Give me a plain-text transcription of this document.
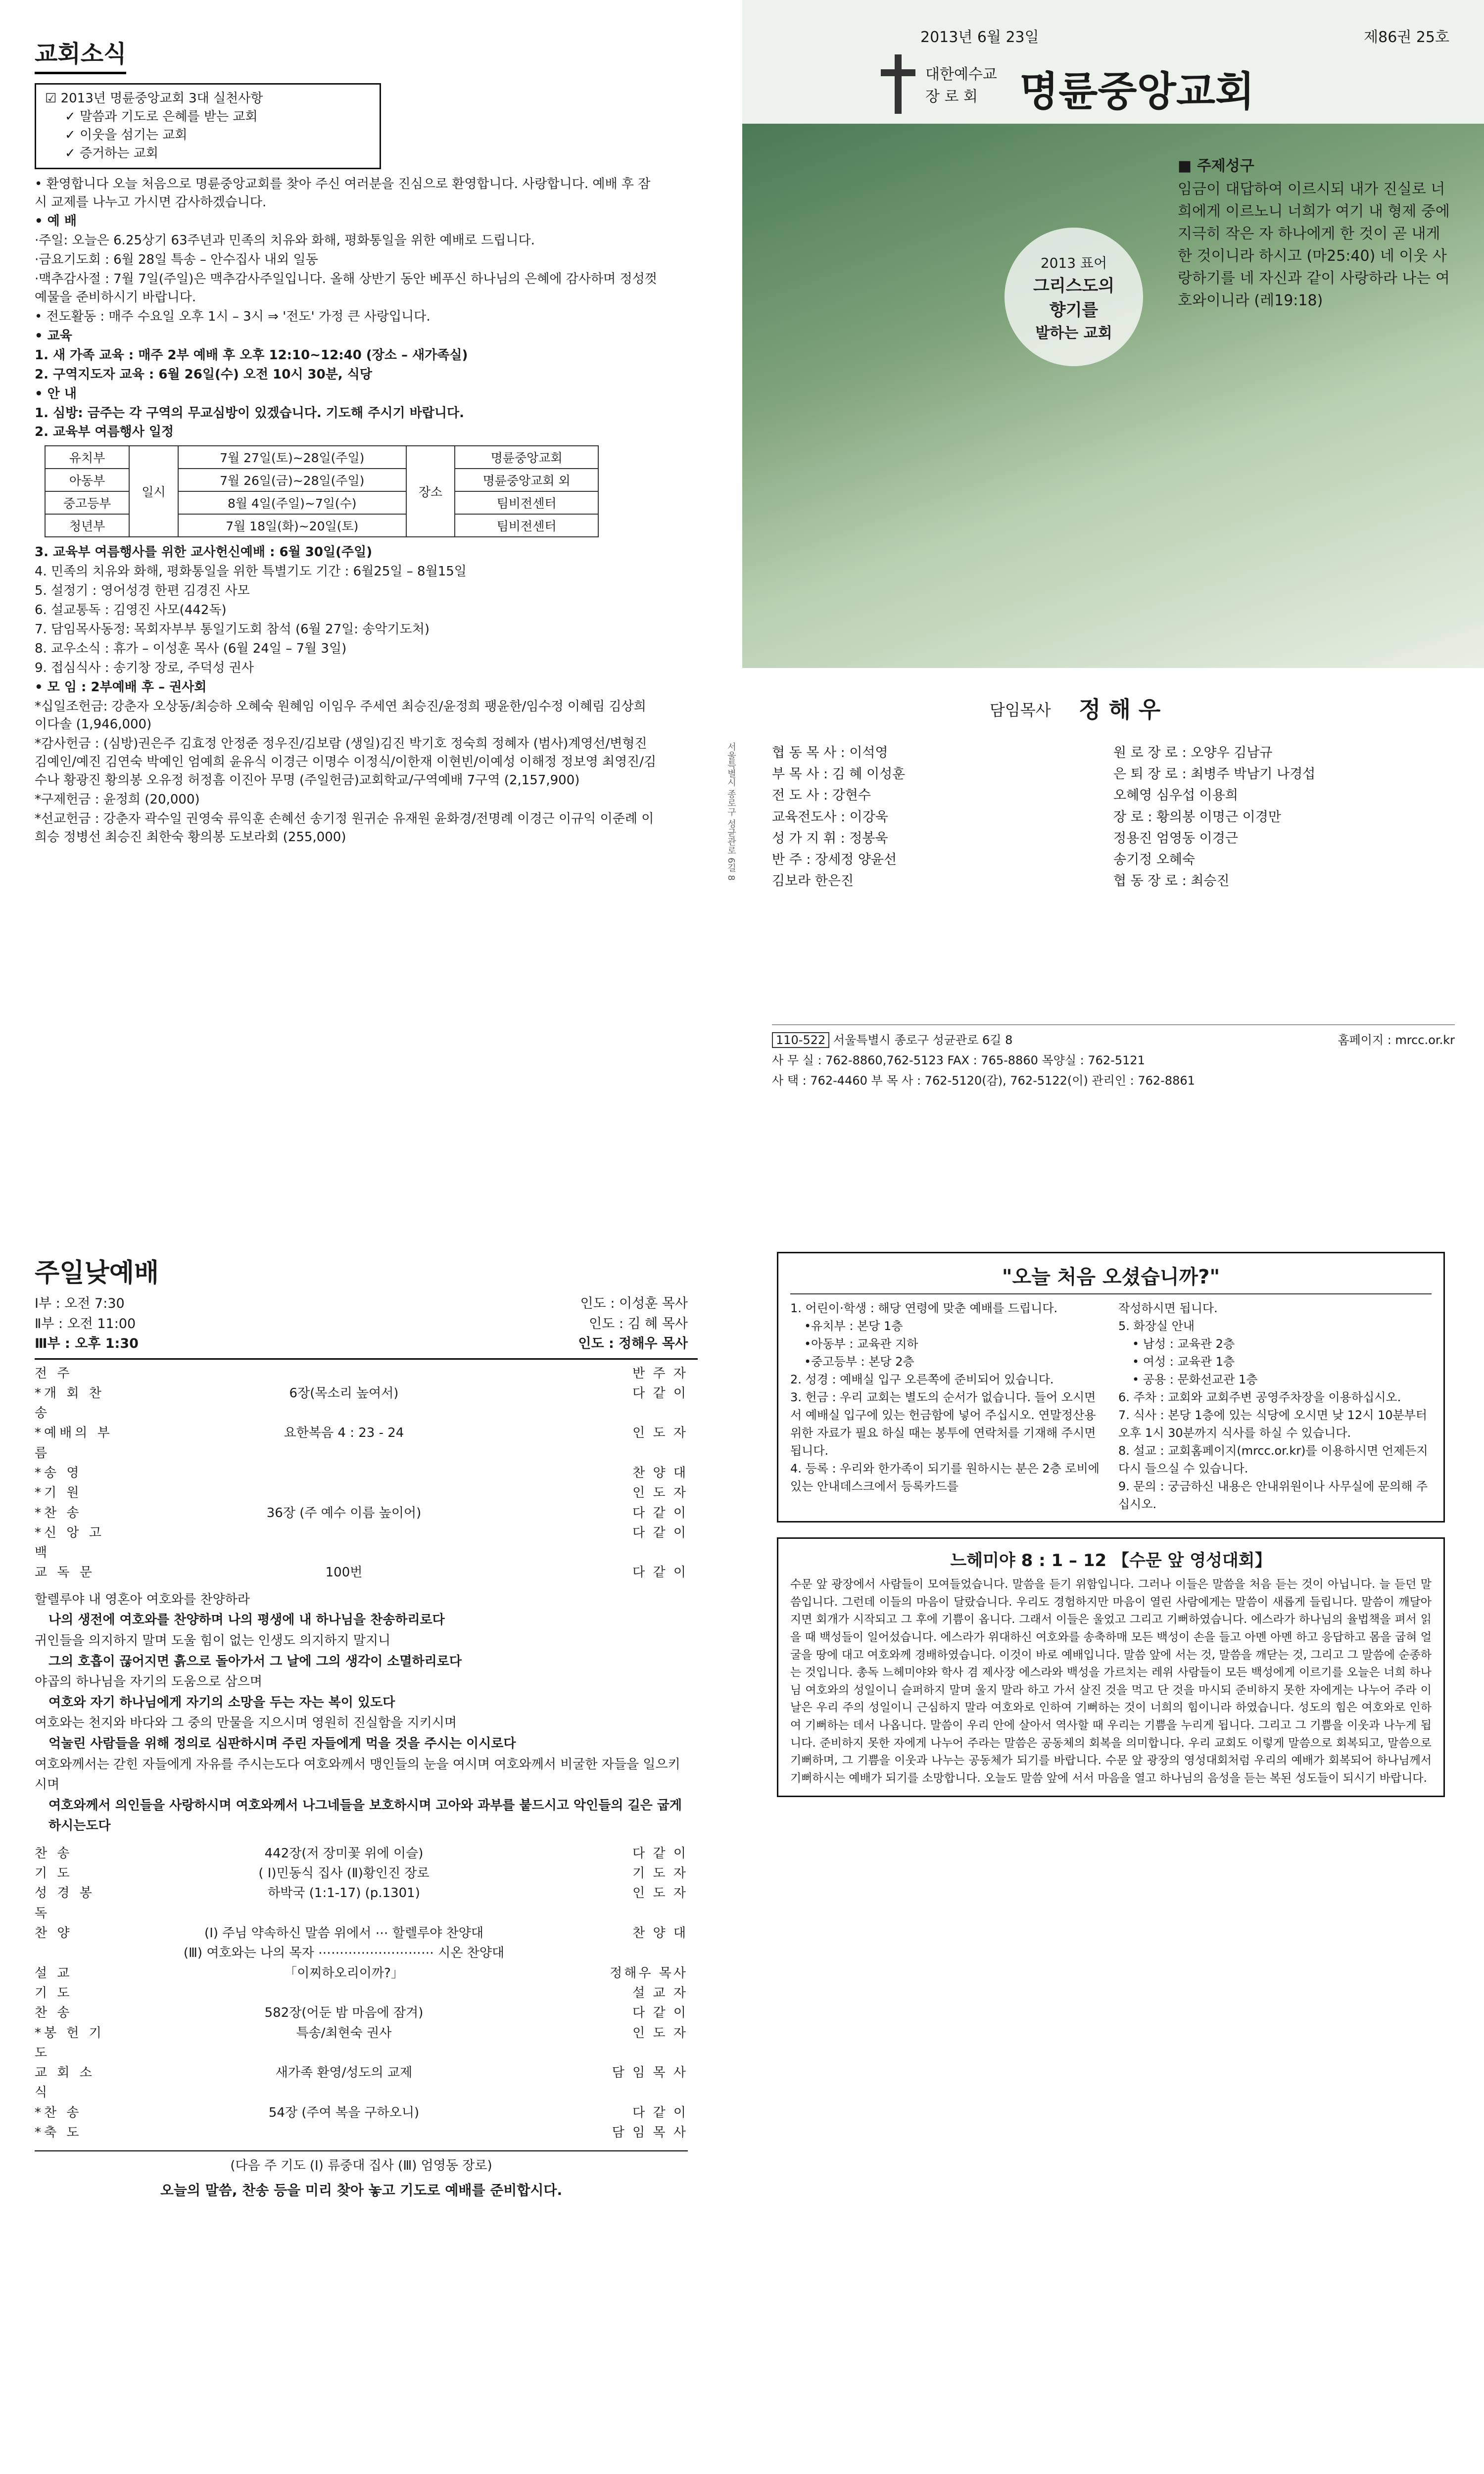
교회소식
☑ 2013년 명륜중앙교회 3대 실천사항
✓ 말씀과 기도로 은혜를 받는 교회
✓ 이웃을 섬기는 교회
✓ 증거하는 교회
• 환영합니다 오늘 처음으로 명륜중앙교회를 찾아 주신 여러분을 진심으로 환영합니다. 사랑합니다. 예배 후 잠시 교제를 나누고 가시면 감사하겠습니다.
• 예 배
·주일: 오늘은 6.25상기 63주년과 민족의 치유와 화해, 평화통일을 위한 예배로 드립니다.
·금요기도회 : 6월 28일 특송 – 안수집사 내외 일동
·맥추감사절 : 7월 7일(주일)은 맥추감사주일입니다. 올해 상반기 동안 베푸신 하나님의 은혜에 감사하며 정성껏 예물을 준비하시기 바랍니다.
• 전도활동 : 매주 수요일 오후 1시 – 3시 ⇒ '전도' 가정 큰 사랑입니다.
• 교육
1. 새 가족 교육 : 매주 2부 예배 후 오후 12:10~12:40 (장소 – 새가족실)
2. 구역지도자 교육 : 6월 26일(수) 오전 10시 30분, 식당
• 안 내
1. 심방: 금주는 각 구역의 무교심방이 있겠습니다. 기도해 주시기 바랍니다.
2. 교육부 여름행사 일정
유치부	일시	7월 27일(토)~28일(주일)	장소	명륜중앙교회
아동부		7월 26일(금)~28일(주일)		명륜중앙교회 외
중고등부		8월 4일(주일)~7일(수)		팀비전센터
청년부		7월 18일(화)~20일(토)		팀비전센터
3. 교육부 여름행사를 위한 교사헌신예배 : 6월 30일(주일)
4. 민족의 치유와 화해, 평화통일을 위한 특별기도 기간 : 6월25일 – 8월15일
5. 설정기 : 영어성경 한편 김경진 사모
6. 설교통독 : 김영진 사모(442독)
7. 담임목사동정: 목회자부부 통일기도회 참석 (6월 27일: 송악기도처)
8. 교우소식 : 휴가 – 이성훈 목사 (6월 24일 – 7월 3일)
9. 접심식사 : 송기창 장로, 주덕성 권사
• 모 임 : 2부예배 후 – 권사회
*십일조헌금: 강춘자 오상동/최승하 오혜숙 원혜임 이임우 주세연 최승진/윤정희 팽윤한/임수정 이혜림 김상희 이다솔 (1,946,000)
*감사헌금 : (심방)권은주 김효정 안정준 정우진/김보람 (생일)김진 박기호 정숙희 정혜자 (범사)계영선/변형진 김예인/예진 김연숙 박예인 엄예희 윤유식 이경근 이명수 이정식/이한재 이현빈/이예성 이해정 정보영 최영진/김수나 황광진 황의봉 오유정 허정흠 이진아 무명 (주일헌금)교회학교/구역예배 7구역 (2,157,900)
*구제헌금 : 윤정희 (20,000)
*선교헌금 : 강춘자 곽수일 권영숙 류익훈 손혜선 송기정 원귀순 유재원 윤화경/전명례 이경근 이규익 이준례 이희승 정병선 최승진 최한숙 황의봉 도보라회 (255,000)	서울특별시 종로구 성균관로 6길 8
2013년 6월 23일	제86권 25호
대한예수교
장 로 회 명륜중앙교회
2013 표어
그리스도의
향기를
발하는 교회
■ 주제성구
임금이 대답하여 이르시되 내가 진실로 너희에게 이르노니 너희가 여기 내 형제 중에 지극히 작은 자 하나에게 한 것이 곧 내게 한 것이니라 하시고 (마25:40) 네 이웃 사랑하기를 네 자신과 같이 사랑하라 나는 여호와이니라 (레19:18)
담임목사 정 해 우
협 동 목 사 : 이석영	원 로 장 로 : 오양우 김남규
부 목 사 : 김 혜 이성훈	은 퇴 장 로 : 최병주 박남기 나경섭
전 도 사 : 강현수	오혜영 심우섭 이용희
교육전도사 : 이강욱	장 로 : 황의봉 이명근 이경만
성 가 지 휘 : 정봉욱	정용진 엄영동 이경근
반 주 : 장세정 양윤선	송기정 오혜숙
김보라 한은진	협 동 장 로 : 최승진
110-522 서울특별시 종로구 성균관로 6길 8	홈페이지 : mrcc.or.kr
사 무 실 : 762-8860,762-5123 FAX : 765-8860 목양실 : 762-5121
사 택 : 762-4460 부 목 사 : 762-5120(감), 762-5122(이) 관리인 : 762-8861
주일낮예배
Ⅰ부 : 오전 7:30	인도 : 이성훈 목사
Ⅱ부 : 오전 11:00	인도 : 김 혜 목사
Ⅲ부 : 오후 1:30	인도 : 정해우 목사
전 주	반 주 자
*개 회 찬 송
6장(목소리 높여서)	다 같 이
*예배의 부름
요한복음 4 : 23 - 24	인 도 자
*송 영	찬 양 대
*기 원	인 도 자
*찬 송	36장 (주 예수 이름 높이어)	다 같 이
*신 앙 고 백
다 같 이
교 독 문	100번	다 같 이
할렐루야 내 영혼아 여호와를 찬양하라
나의 생전에 여호와를 찬양하며 나의 평생에 내 하나님을 찬송하리로다
귀인들을 의지하지 말며 도울 힘이 없는 인생도 의지하지 말지니
그의 호흡이 끊어지면 흙으로 돌아가서 그 날에 그의 생각이 소멸하리로다
야곱의 하나님을 자기의 도움으로 삼으며
여호와 자기 하나님에게 자기의 소망을 두는 자는 복이 있도다
여호와는 천지와 바다와 그 중의 만물을 지으시며 영원히 진실함을 지키시며
억눌린 사람들을 위해 정의로 심판하시며 주린 자들에게 먹을 것을 주시는 이시로다
여호와께서는 갇힌 자들에게 자유를 주시는도다 여호와께서 맹인들의 눈을 여시며 여호와께서 비굴한 자들을 일으키시며
여호와께서 의인들을 사랑하시며 여호와께서 나그네들을 보호하시며 고아와 과부를 붙드시고 악인들의 길은 굽게 하시는도다
찬 송	442장(저 장미꽃 위에 이슬)	다 같 이
기 도	( Ⅰ)민동식 집사 (Ⅱ)황인진 장로	기 도 자
성 경 봉 독
하박국 (1:1-17) (p.1301)	인 도 자
찬 양	(Ⅰ) 주님 약속하신 말씀 위에서 ⋯ 할렐루야 찬양대	찬 양 대
(Ⅲ) 여호와는 나의 목자 ⋯⋯⋯⋯⋯⋯⋯⋯⋯ 시온 찬양대
설 교	「이찌하오리이까?」	정해우 목사
기 도	설 교 자
찬 송	582장(어둔 밤 마음에 잠겨)	다 같 이
*봉 헌 기 도
특송/최현숙 권사	인 도 자
교 회 소 식
새가족 환영/성도의 교제	담 임 목 사
*찬 송	54장 (주여 복을 구하오니)	다 같 이
*축 도	담 임 목 사
(다음 주 기도 (Ⅰ) 류중대 집사 (Ⅲ) 엄영동 장로)
오늘의 말씀, 찬송 등을 미리 찾아 놓고 기도로 예배를 준비합시다.
"오늘 처음 오셨습니까?"
1. 어린이·학생 : 해당 연령에 맞춘 예배를 드립니다.
•유치부 : 본당 1층
•아동부 : 교육관 지하
•중고등부 : 본당 2층
2. 성경 : 예배실 입구 오른쪽에 준비되어 있습니다.
3. 헌금 : 우리 교회는 별도의 순서가 없습니다. 들어 오시면서 예배실 입구에 있는 헌금함에 넣어 주십시오. 연말정산용 위한 자료가 필요 하실 때는 봉투에 연락처를 기재해 주시면 됩니다.
4. 등록 : 우리와 한가족이 되기를 원하시는 분은 2층 로비에 있는 안내데스크에서 등록카드를
작성하시면 됩니다.
5. 화장실 안내
• 남성 : 교육관 2층
• 여성 : 교육관 1층
• 공용 : 문화선교관 1층
6. 주차 : 교회와 교회주변 공영주차장을 이용하십시오.
7. 식사 : 본당 1층에 있는 식당에 오시면 낮 12시 10분부터 오후 1시 30분까지 식사를 하실 수 있습니다.
8. 설교 : 교회홈페이지(mrcc.or.kr)를 이용하시면 언제든지 다시 들으실 수 있습니다.
9. 문의 : 궁금하신 내용은 안내위원이나 사무실에 문의해 주십시오.
느헤미야 8 : 1 – 12 【수문 앞 영성대회】
수문 앞 광장에서 사람들이 모여들었습니다. 말씀을 듣기 위함입니다. 그러나 이들은 말씀을 처음 듣는 것이 아닙니다. 늘 듣던 말씀입니다. 그런데 이들의 마음이 달랐습니다. 우리도 경험하지만 마음이 열린 사람에게는 말씀이 새롭게 들립니다. 말씀이 깨달아지면 회개가 시작되고 그 후에 기쁨이 옵니다. 그래서 이들은 울었고 그리고 기뻐하였습니다. 에스라가 하나님의 율법책을 펴서 읽을 때 백성들이 일어섰습니다. 에스라가 위대하신 여호와를 송축하매 모든 백성이 손을 들고 아멘 아멘 하고 응답하고 몸을 굽혀 얼굴을 땅에 대고 여호와께 경배하였습니다. 이것이 바로 예배입니다. 말씀 앞에 서는 것, 말씀을 깨닫는 것, 그리고 그 말씀에 순종하는 것입니다. 총독 느헤미야와 학사 겸 제사장 에스라와 백성을 가르치는 레위 사람들이 모든 백성에게 이르기를 오늘은 너희 하나님 여호와의 성일이니 슬퍼하지 말며 울지 말라 하고 가서 살진 것을 먹고 단 것을 마시되 준비하지 못한 자에게는 나누어 주라 이 날은 우리 주의 성일이니 근심하지 말라 여호와로 인하여 기뻐하는 것이 너희의 힘이니라 하였습니다. 성도의 힘은 여호와로 인하여 기뻐하는 데서 나옵니다. 말씀이 우리 안에 살아서 역사할 때 우리는 기쁨을 누리게 됩니다. 그리고 그 기쁨을 이웃과 나누게 됩니다. 준비하지 못한 자에게 나누어 주라는 말씀은 공동체의 회복을 의미합니다. 우리 교회도 이렇게 말씀으로 회복되고, 말씀으로 기뻐하며, 그 기쁨을 이웃과 나누는 공동체가 되기를 바랍니다. 수문 앞 광장의 영성대회처럼 우리의 예배가 회복되어 하나님께서 기뻐하시는 예배가 되기를 소망합니다. 오늘도 말씀 앞에 서서 마음을 열고 하나님의 음성을 듣는 복된 성도들이 되시기 바랍니다.
